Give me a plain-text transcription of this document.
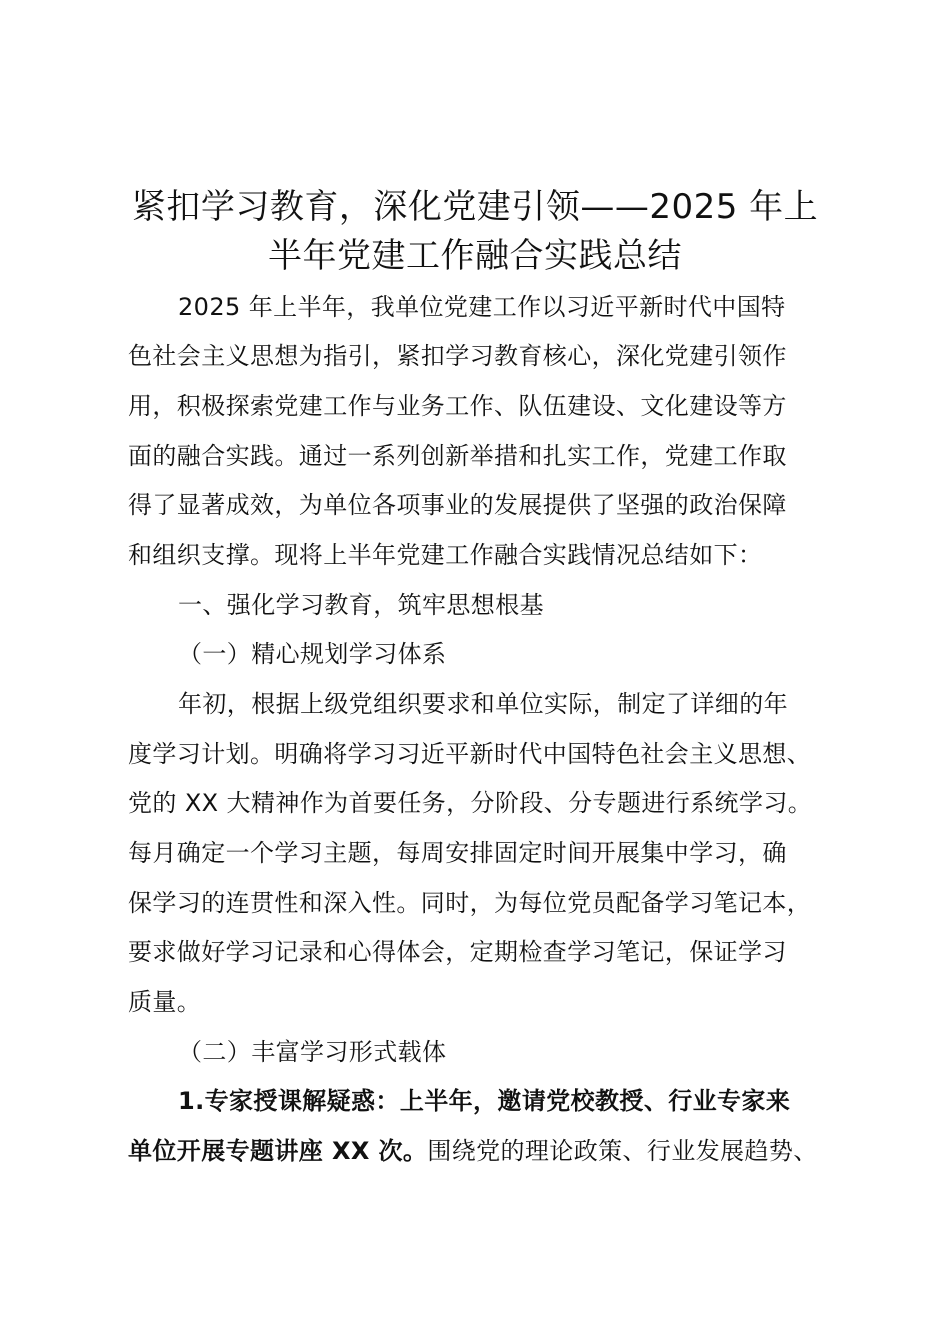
紧扣学习教育，深化党建引领——2025 年上
半年党建工作融合实践总结
2025 年上半年，我单位党建工作以习近平新时代中国特
色社会主义思想为指引，紧扣学习教育核心，深化党建引领作
用，积极探索党建工作与业务工作、队伍建设、文化建设等方
面的融合实践。通过一系列创新举措和扎实工作，党建工作取
得了显著成效，为单位各项事业的发展提供了坚强的政治保障
和组织支撑。现将上半年党建工作融合实践情况总结如下：
一、强化学习教育，筑牢思想根基
（一）精心规划学习体系
年初，根据上级党组织要求和单位实际，制定了详细的年
度学习计划。明确将学习习近平新时代中国特色社会主义思想、
党的 XX 大精神作为首要任务，分阶段、分专题进行系统学习。
每月确定一个学习主题，每周安排固定时间开展集中学习，确
保学习的连贯性和深入性。同时，为每位党员配备学习笔记本，
要求做好学习记录和心得体会，定期检查学习笔记，保证学习
质量。
（二）丰富学习形式载体
1.专家授课解疑惑：上半年，邀请党校教授、行业专家来
单位开展专题讲座 XX 次。围绕党的理论政策、行业发展趋势、
